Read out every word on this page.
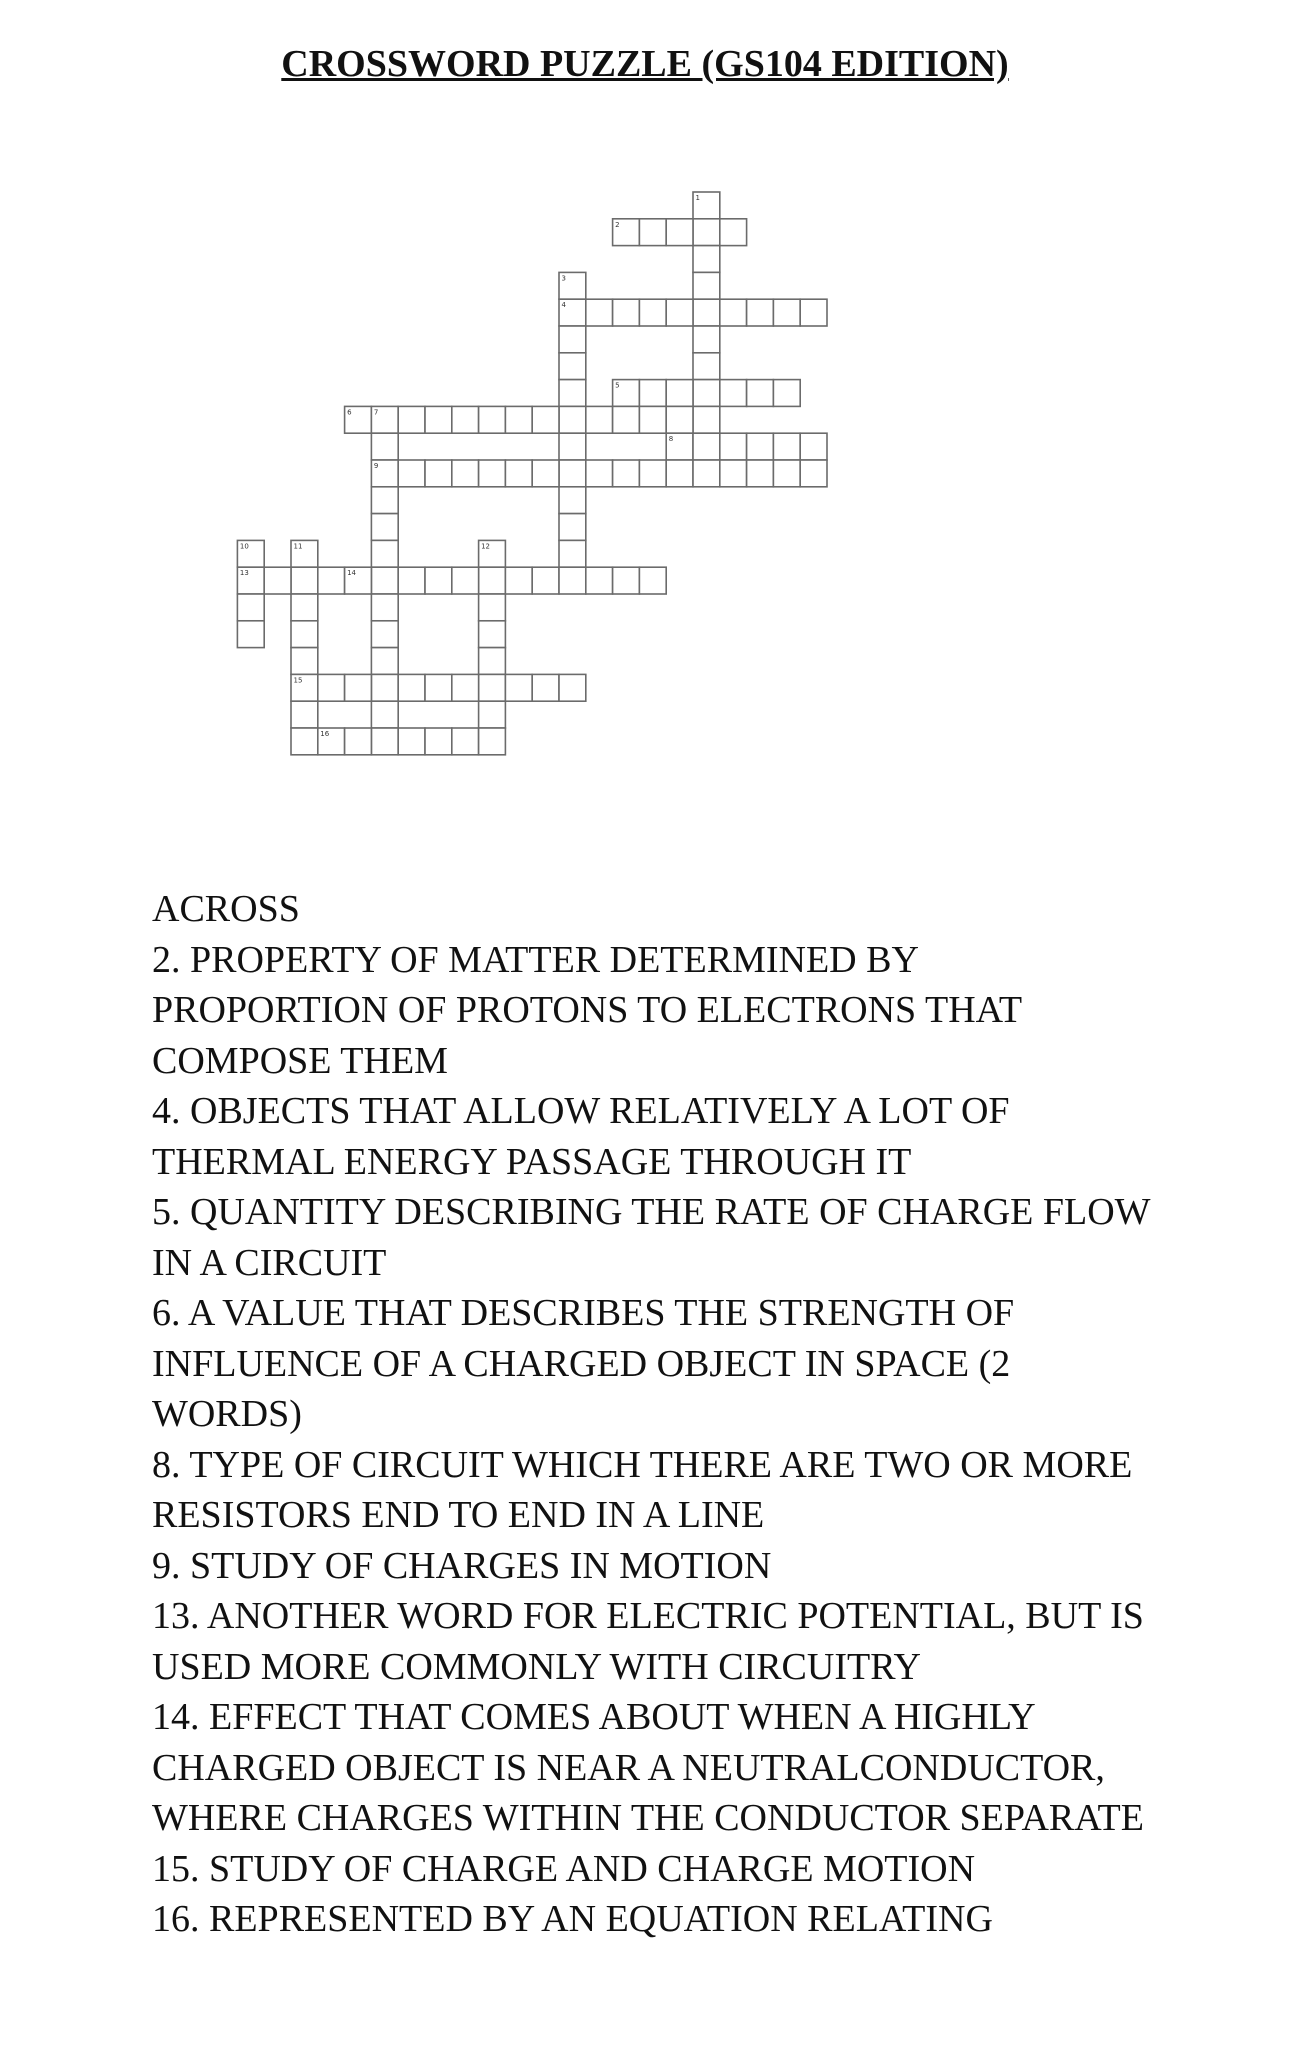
CROSSWORD PUZZLE (GS104 EDITION)
1
2
3
4
5
6	7
8
9
10	11	12
13	14
15
16
ACROSS
2. PROPERTY OF MATTER DETERMINED BY PROPORTION OF PROTONS TO ELECTRONS THAT COMPOSE THEM
4. OBJECTS THAT ALLOW RELATIVELY A LOT OF THERMAL ENERGY PASSAGE THROUGH IT
5. QUANTITY DESCRIBING THE RATE OF CHARGE FLOW IN A CIRCUIT
6. A VALUE THAT DESCRIBES THE STRENGTH OF INFLUENCE OF A CHARGED OBJECT IN SPACE (2 WORDS)
8. TYPE OF CIRCUIT WHICH THERE ARE TWO OR MORE RESISTORS END TO END IN A LINE
9. STUDY OF CHARGES IN MOTION
13. ANOTHER WORD FOR ELECTRIC POTENTIAL, BUT IS USED MORE COMMONLY WITH CIRCUITRY
14. EFFECT THAT COMES ABOUT WHEN A HIGHLY CHARGED OBJECT IS NEAR A NEUTRALCONDUCTOR, WHERE CHARGES WITHIN THE CONDUCTOR SEPARATE
15. STUDY OF CHARGE AND CHARGE MOTION
16. REPRESENTED BY AN EQUATION RELATING
